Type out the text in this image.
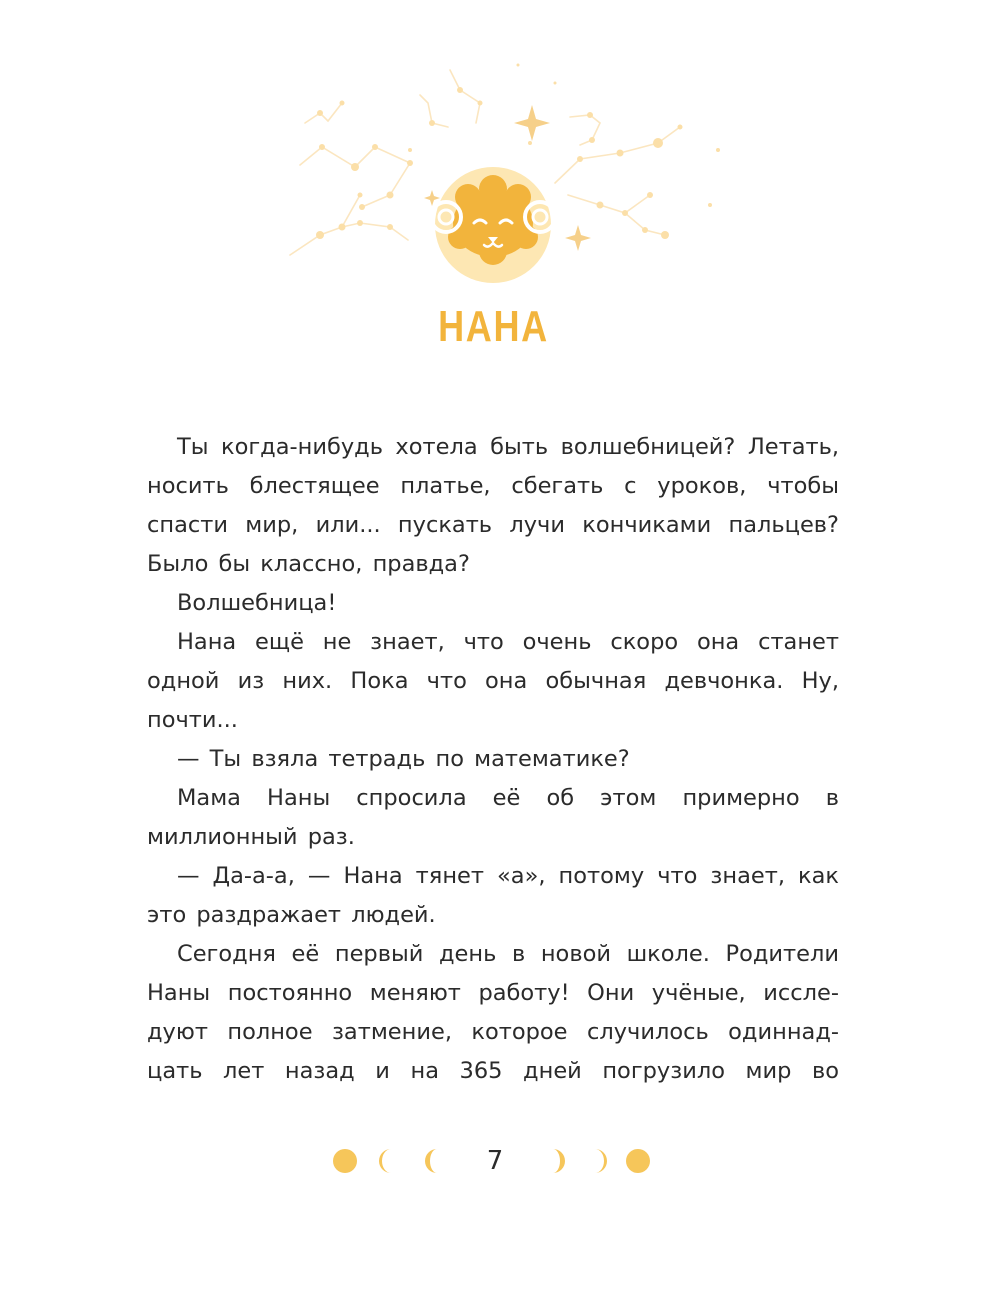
НАНА

Ты когда-нибудь хотела быть волшебницей? Летать, носить блестящее платье, сбегать с уроков, чтобы спасти мир, или... пускать лучи кончиками пальцев? Было бы классно, правда?

Волшебница!

Нана ещё не знает, что очень скоро она станет одной из них. Пока что она обычная девчонка. Ну, почти...

— Ты взяла тетрадь по математике?

Мама Наны спросила её об этом примерно в миллионный раз.

— Да-а-а, — Нана тянет «а», потому что знает, как это раздражает людей.

Сегодня её первый день в новой школе. Родители Наны постоянно меняют работу! Они учёные, исследуют полное затмение, которое случилось одиннадцать лет назад и на 365 дней погрузило мир во

7
